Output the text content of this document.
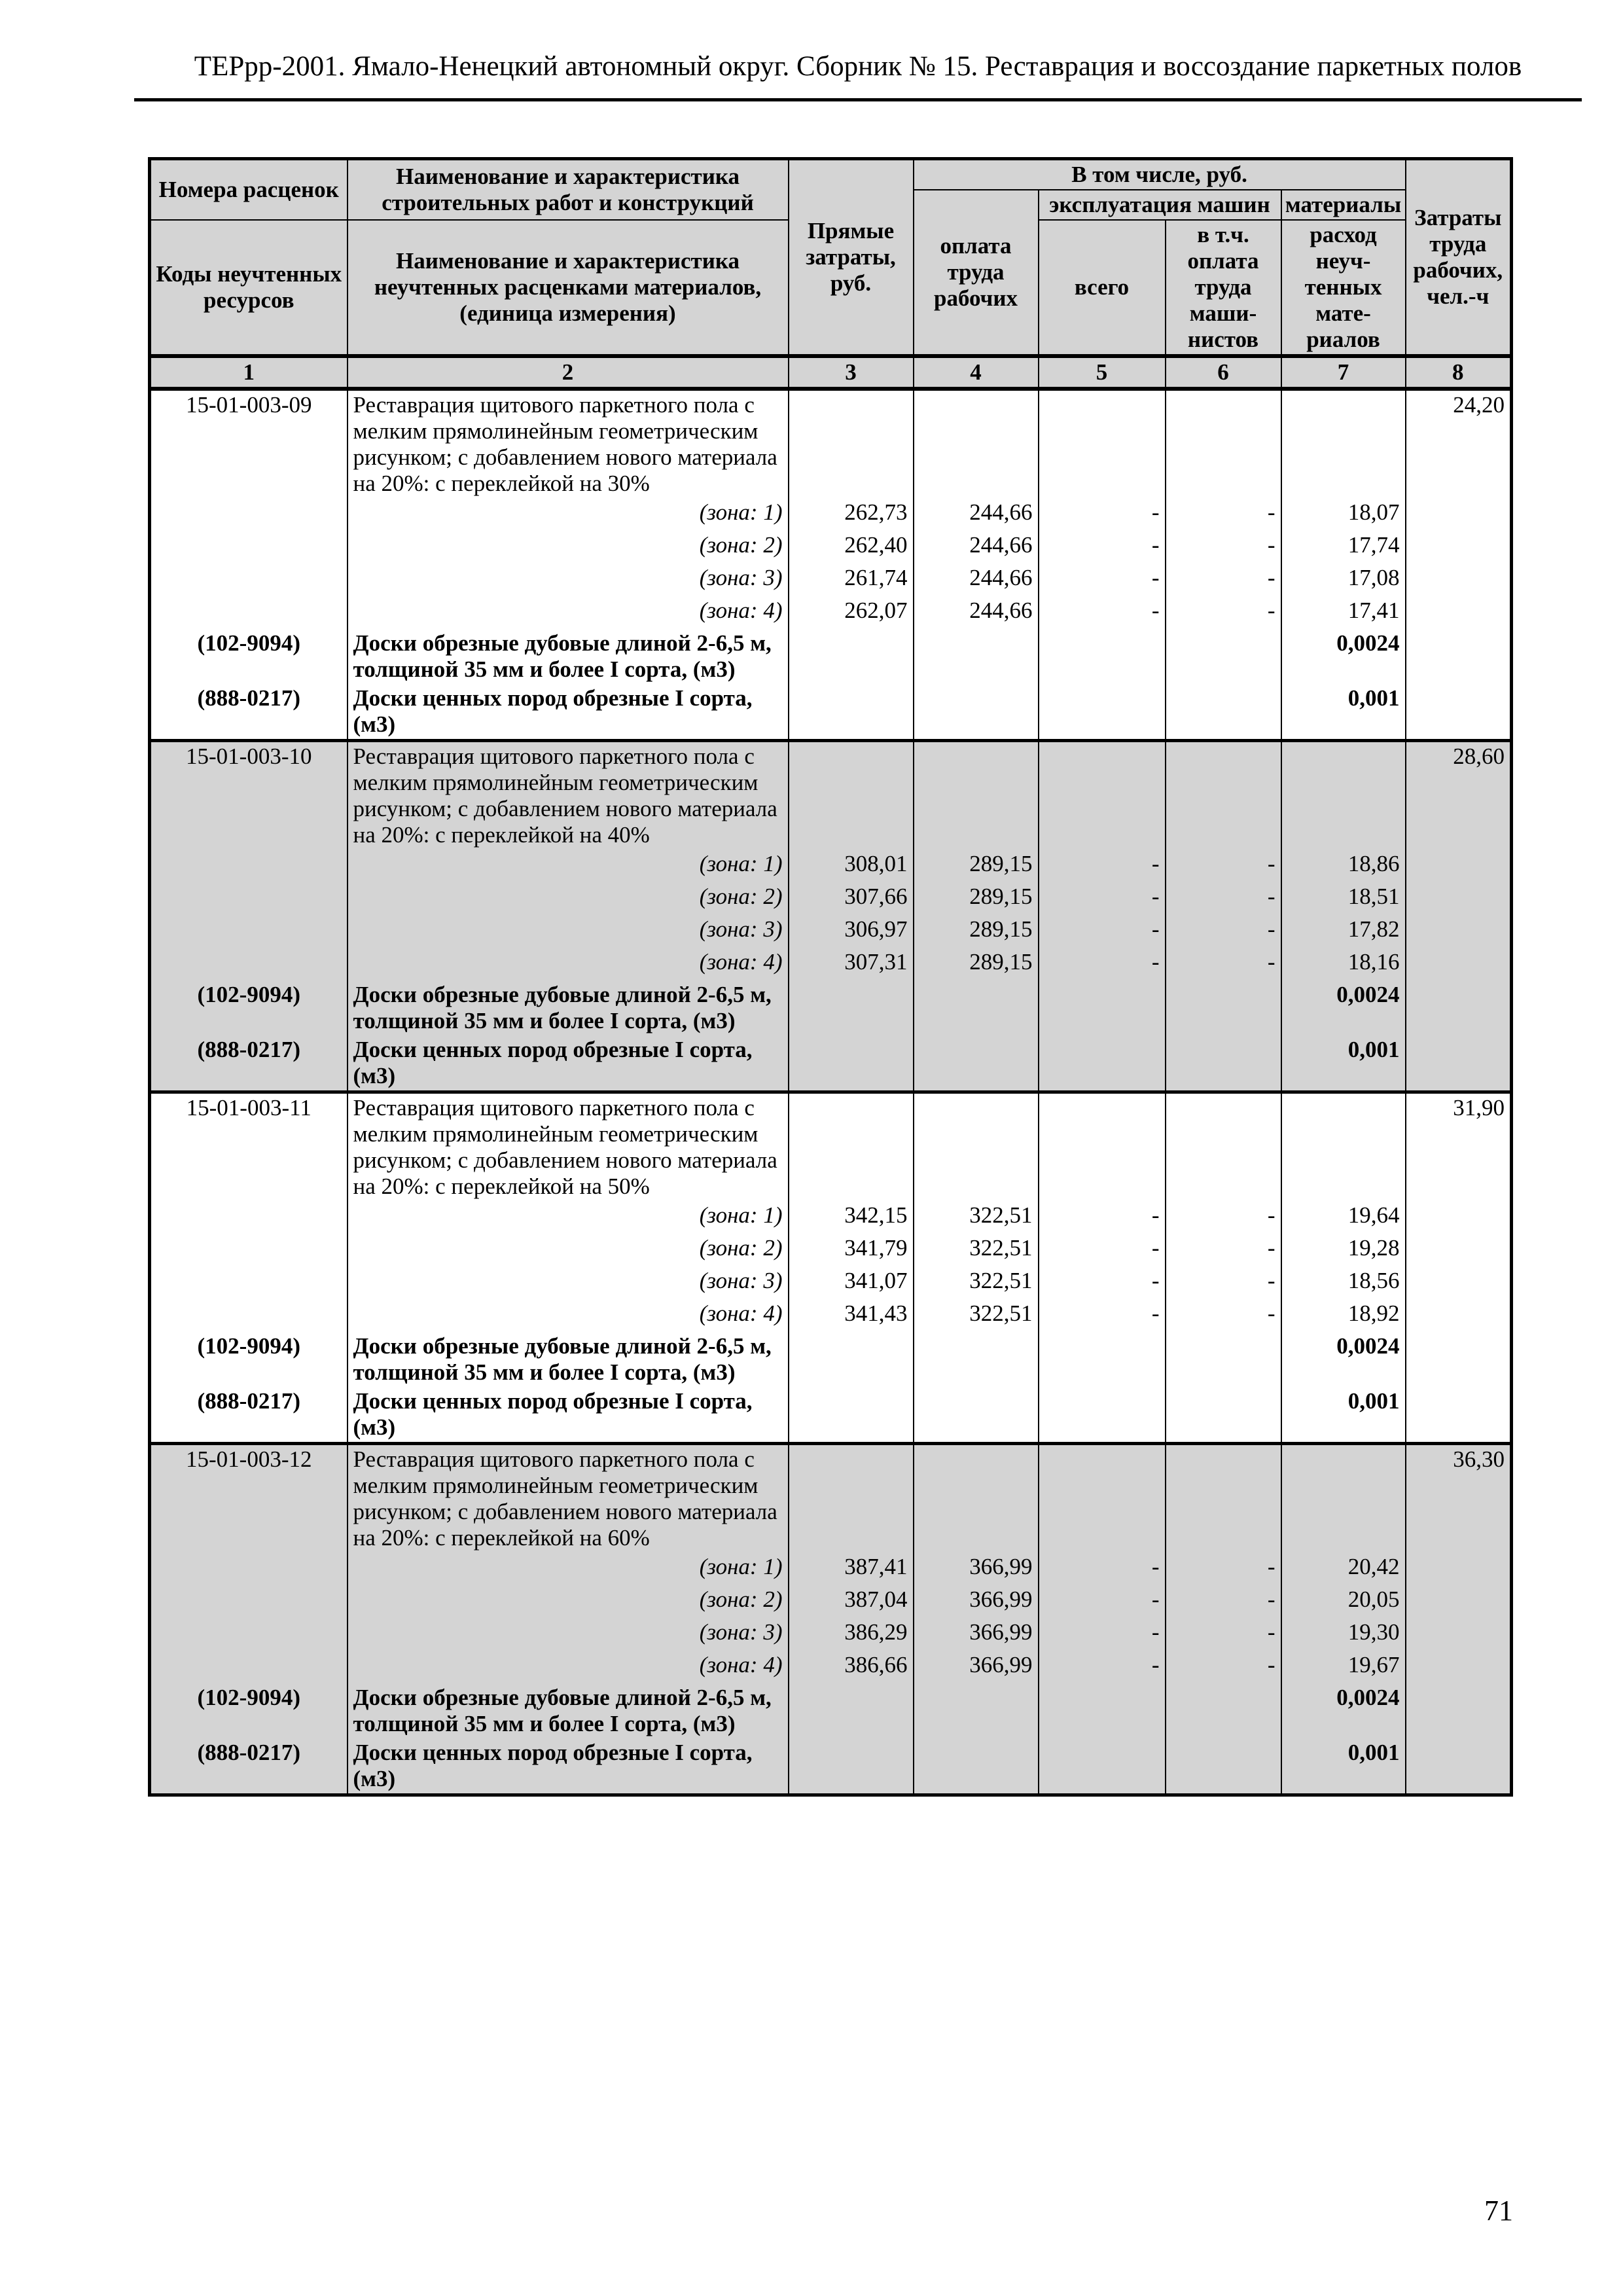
ТЕРрр-2001. Ямало-Ненецкий автономный округ. Сборник № 15. Реставрация и воссоздание паркетных полов
Номера расценок	Наименование и характеристика строительных работ и конструкций	Прямые затраты, руб.	В том числе, руб.				Затраты труда рабочих, чел.-ч
			оплата труда рабочих	эксплуатация машин		материалы	
Коды неучтенных ресурсов	Наименование и характеристика неучтенных расценками материалов, (единица измерения)			всего	в т.ч. оплата труда маши-нистов	расход неуч-тенных мате-риалов	
1	2	3	4	5	6	7	8
15-01-003-09	Реставрация щитового паркетного пола с мелким прямолинейным геометрическим рисунком; с добавлением нового материала на 20%: с переклейкой на 30%						24,20
	(зона: 1)	262,73	244,66	-	-	18,07	
	(зона: 2)	262,40	244,66	-	-	17,74	
	(зона: 3)	261,74	244,66	-	-	17,08	
	(зона: 4)	262,07	244,66	-	-	17,41	
(102-9094)	Доски обрезные дубовые длиной 2-6,5 м, толщиной 35 мм и более I сорта, (м3)					0,0024	
(888-0217)	Доски ценных пород обрезные I сорта, (м3)					0,001	
15-01-003-10	Реставрация щитового паркетного пола с мелким прямолинейным геометрическим рисунком; с добавлением нового материала на 20%: с переклейкой на 40%						28,60
	(зона: 1)	308,01	289,15	-	-	18,86	
	(зона: 2)	307,66	289,15	-	-	18,51	
	(зона: 3)	306,97	289,15	-	-	17,82	
	(зона: 4)	307,31	289,15	-	-	18,16	
(102-9094)	Доски обрезные дубовые длиной 2-6,5 м, толщиной 35 мм и более I сорта, (м3)					0,0024	
(888-0217)	Доски ценных пород обрезные I сорта, (м3)					0,001	
15-01-003-11	Реставрация щитового паркетного пола с мелким прямолинейным геометрическим рисунком; с добавлением нового материала на 20%: с переклейкой на 50%						31,90
	(зона: 1)	342,15	322,51	-	-	19,64	
	(зона: 2)	341,79	322,51	-	-	19,28	
	(зона: 3)	341,07	322,51	-	-	18,56	
	(зона: 4)	341,43	322,51	-	-	18,92	
(102-9094)	Доски обрезные дубовые длиной 2-6,5 м, толщиной 35 мм и более I сорта, (м3)					0,0024	
(888-0217)	Доски ценных пород обрезные I сорта, (м3)					0,001	
15-01-003-12	Реставрация щитового паркетного пола с мелким прямолинейным геометрическим рисунком; с добавлением нового материала на 20%: с переклейкой на 60%						36,30
	(зона: 1)	387,41	366,99	-	-	20,42	
	(зона: 2)	387,04	366,99	-	-	20,05	
	(зона: 3)	386,29	366,99	-	-	19,30	
	(зона: 4)	386,66	366,99	-	-	19,67	
(102-9094)	Доски обрезные дубовые длиной 2-6,5 м, толщиной 35 мм и более I сорта, (м3)					0,0024	
(888-0217)	Доски ценных пород обрезные I сорта, (м3)					0,001	
71
